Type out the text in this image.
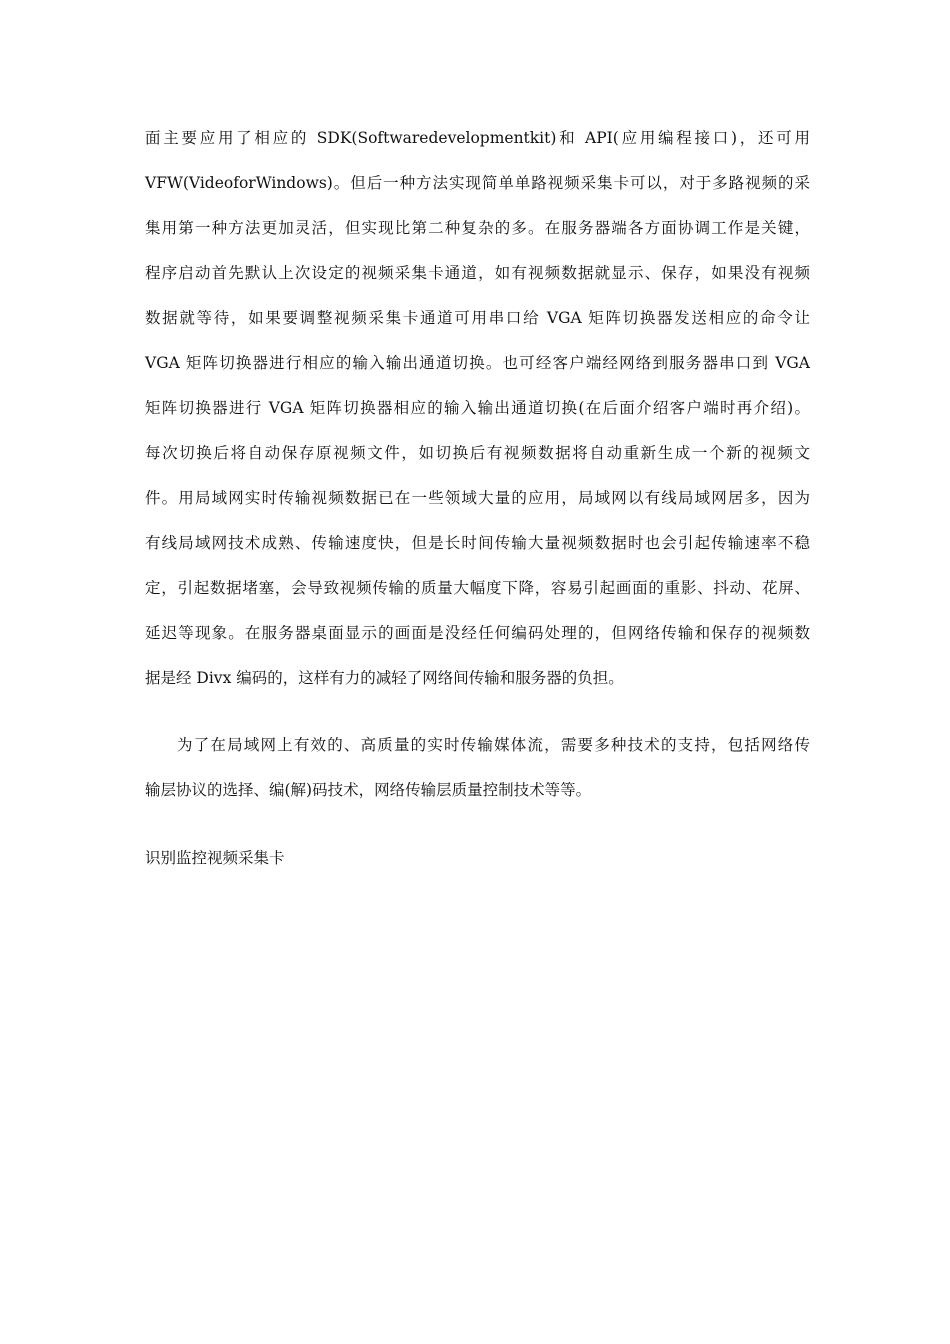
面主要应用了相应的 SDK(Softwaredevelopmentkit)和 API(应用编程接口)，还可用
VFW(VideoforWindows)。但后一种方法实现简单单路视频采集卡可以，对于多路视频的采
集用第一种方法更加灵活，但实现比第二种复杂的多。在服务器端各方面协调工作是关键，
程序启动首先默认上次设定的视频采集卡通道，如有视频数据就显示、保存，如果没有视频
数据就等待，如果要调整视频采集卡通道可用串口给 VGA 矩阵切换器发送相应的命令让
VGA 矩阵切换器进行相应的输入输出通道切换。也可经客户端经网络到服务器串口到 VGA
矩阵切换器进行 VGA 矩阵切换器相应的输入输出通道切换(在后面介绍客户端时再介绍)。
每次切换后将自动保存原视频文件，如切换后有视频数据将自动重新生成一个新的视频文
件。用局域网实时传输视频数据已在一些领域大量的应用，局域网以有线局域网居多，因为
有线局域网技术成熟、传输速度快，但是长时间传输大量视频数据时也会引起传输速率不稳
定，引起数据堵塞，会导致视频传输的质量大幅度下降，容易引起画面的重影、抖动、花屏、
延迟等现象。在服务器桌面显示的画面是没经任何编码处理的，但网络传输和保存的视频数
据是经 Divx 编码的，这样有力的减轻了网络间传输和服务器的负担。
为了在局域网上有效的、高质量的实时传输媒体流，需要多种技术的支持，包括网络传
输层协议的选择、编(解)码技术，网络传输层质量控制技术等等。
识别监控视频采集卡
